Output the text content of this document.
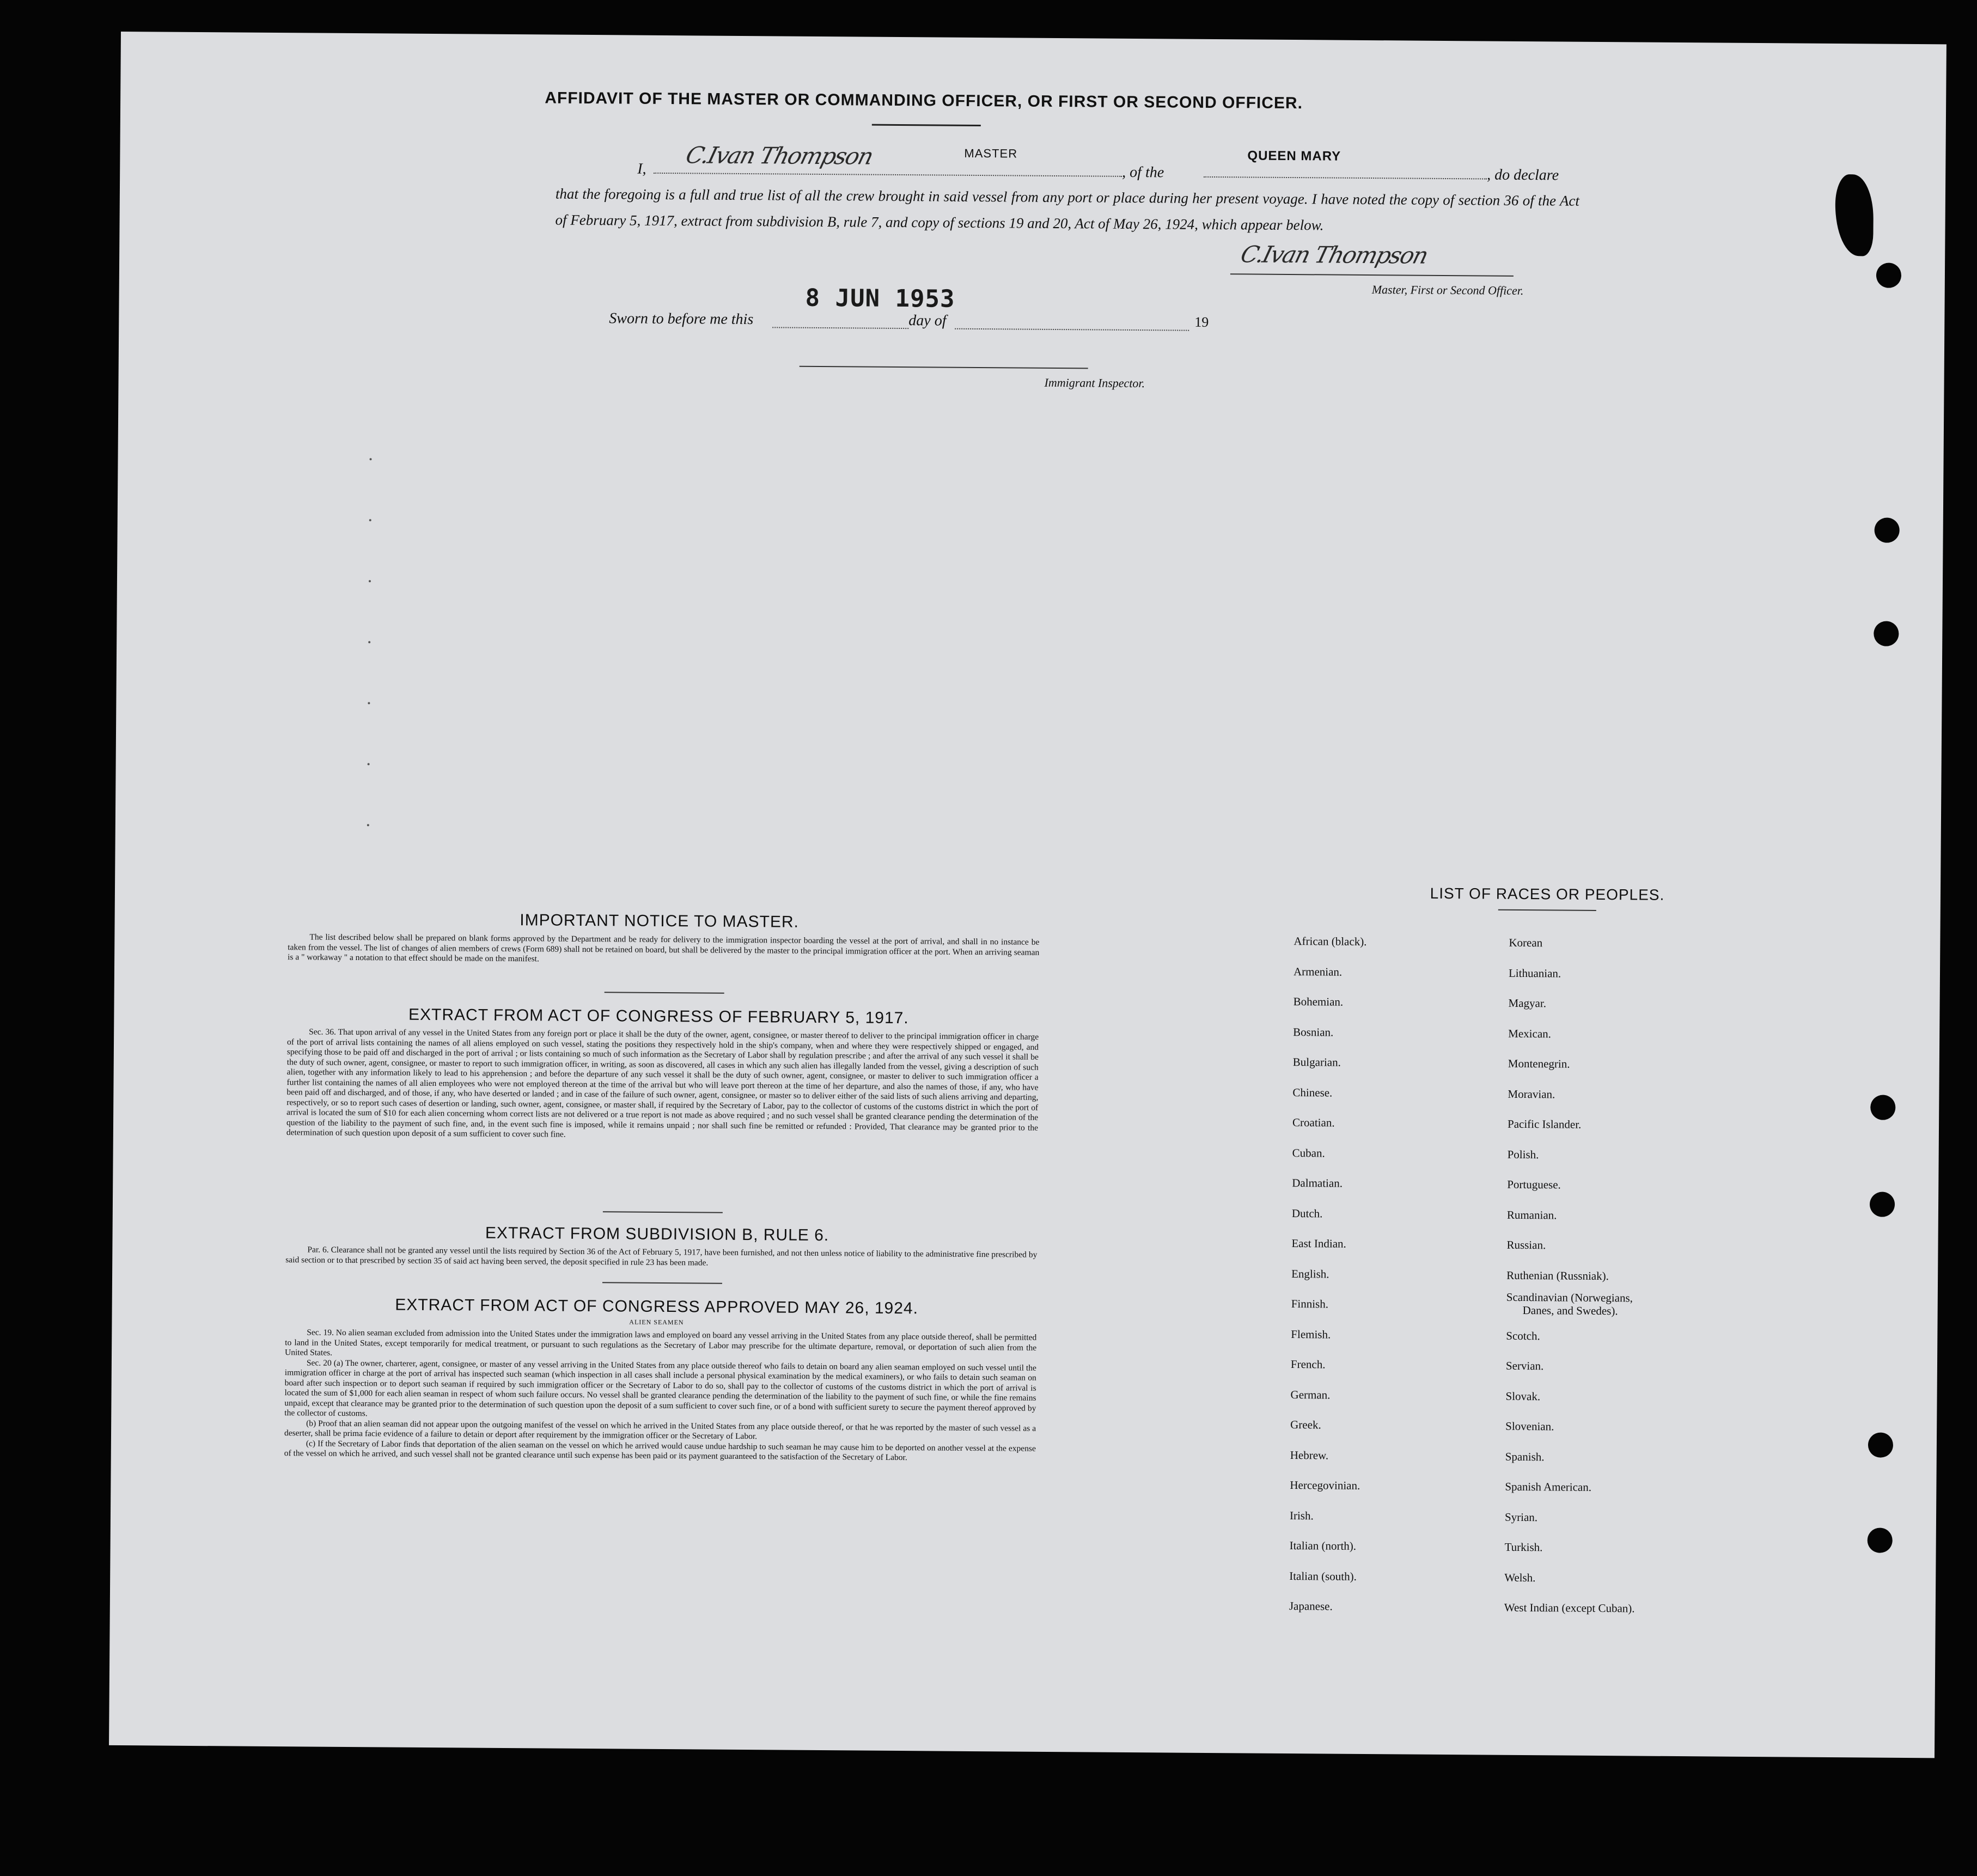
AFFIDAVIT OF THE MASTER OR COMMANDING OFFICER, OR FIRST OR SECOND OFFICER.
I, C.Ivan Thompson	MASTER
, of the
QUEEN MARY
, do declare
that the foregoing is a full and true list of all the crew brought in said vessel from any port or place during her present voyage. I have noted the copy of section 36 of the Act of February 5, 1917, extract from subdivision B, rule 7, and copy of sections 19 and 20, Act of May 26, 1924, which appear below.
C.Ivan Thompson
Master, First or Second Officer.
Sworn to before me this
8 JUN 1953
day of	19
Immigrant Inspector.
IMPORTANT NOTICE TO MASTER.
The list described below shall be prepared on blank forms approved by the Department and be ready for delivery to the immigration inspector boarding the vessel at the port of arrival, and shall in no instance be taken from the vessel. The list of changes of alien members of crews (Form 689) shall not be retained on board, but shall be delivered by the master to the principal immigration officer at the port. When an arriving seaman is a " workaway " a notation to that effect should be made on the manifest.
EXTRACT FROM ACT OF CONGRESS OF FEBRUARY 5, 1917.
Sec. 36. That upon arrival of any vessel in the United States from any foreign port or place it shall be the duty of the owner, agent, consignee, or master thereof to deliver to the principal immigration officer in charge of the port of arrival lists containing the names of all aliens employed on such vessel, stating the positions they respectively hold in the ship's company, when and where they were respectively shipped or engaged, and specifying those to be paid off and discharged in the port of arrival ; or lists containing so much of such information as the Secretary of Labor shall by regulation prescribe ; and after the arrival of any such vessel it shall be the duty of such owner, agent, consignee, or master to report to such immigration officer, in writing, as soon as discovered, all cases in which any such alien has illegally landed from the vessel, giving a description of such alien, together with any information likely to lead to his apprehension ; and before the departure of any such vessel it shall be the duty of such owner, agent, consignee, or master to deliver to such immigration officer a further list containing the names of all alien employees who were not employed thereon at the time of the arrival but who will leave port thereon at the time of her departure, and also the names of those, if any, who have been paid off and discharged, and of those, if any, who have deserted or landed ; and in case of the failure of such owner, agent, consignee, or master so to deliver either of the said lists of such aliens arriving and departing, respectively, or so to report such cases of desertion or landing, such owner, agent, consignee, or master shall, if required by the Secretary of Labor, pay to the collector of customs of the customs district in which the port of arrival is located the sum of $10 for each alien concerning whom correct lists are not delivered or a true report is not made as above required ; and no such vessel shall be granted clearance pending the determination of the question of the liability to the payment of such fine, and, in the event such fine is imposed, while it remains unpaid ; nor shall such fine be remitted or refunded : Provided, That clearance may be granted prior to the determination of such question upon deposit of a sum sufficient to cover such fine.
EXTRACT FROM SUBDIVISION B, RULE 6.
Par. 6. Clearance shall not be granted any vessel until the lists required by Section 36 of the Act of February 5, 1917, have been furnished, and not then unless notice of liability to the administrative fine prescribed by said section or to that prescribed by section 35 of said act having been served, the deposit specified in rule 23 has been made.
EXTRACT FROM ACT OF CONGRESS APPROVED MAY 26, 1924.
ALIEN SEAMEN
Sec. 19. No alien seaman excluded from admission into the United States under the immigration laws and employed on board any vessel arriving in the United States from any place outside thereof, shall be permitted to land in the United States, except temporarily for medical treatment, or pursuant to such regulations as the Secretary of Labor may prescribe for the ultimate departure, removal, or deportation of such alien from the United States.
Sec. 20 (a) The owner, charterer, agent, consignee, or master of any vessel arriving in the United States from any place outside thereof who fails to detain on board any alien seaman employed on such vessel until the immigration officer in charge at the port of arrival has inspected such seaman (which inspection in all cases shall include a personal physical examination by the medical examiners), or who fails to detain such seaman on board after such inspection or to deport such seaman if required by such immigration officer or the Secretary of Labor to do so, shall pay to the collector of customs of the customs district in which the port of arrival is located the sum of $1,000 for each alien seaman in respect of whom such failure occurs. No vessel shall be granted clearance pending the determination of the liability to the payment of such fine, or while the fine remains unpaid, except that clearance may be granted prior to the determination of such question upon the deposit of a sum sufficient to cover such fine, or of a bond with sufficient surety to secure the payment thereof approved by the collector of customs.
(b) Proof that an alien seaman did not appear upon the outgoing manifest of the vessel on which he arrived in the United States from any place outside thereof, or that he was reported by the master of such vessel as a deserter, shall be prima facie evidence of a failure to detain or deport after requirement by the immigration officer or the Secretary of Labor.
(c) If the Secretary of Labor finds that deportation of the alien seaman on the vessel on which he arrived would cause undue hardship to such seaman he may cause him to be deported on another vessel at the expense of the vessel on which he arrived, and such vessel shall not be granted clearance until such expense has been paid or its payment guaranteed to the satisfaction of the Secretary of Labor.
LIST OF RACES OR PEOPLES.
African (black).
Armenian.
Bohemian.
Bosnian.
Bulgarian.
Chinese.
Croatian.
Cuban.
Dalmatian.
Dutch.
East Indian.
English.
Finnish.
Flemish.
French.
German.
Greek.
Hebrew.
Hercegovinian.
Irish.
Italian (north).
Italian (south).
Japanese.
Korean
Lithuanian.
Magyar.
Mexican.
Montenegrin.
Moravian.
Pacific Islander.
Polish.
Portuguese.
Rumanian.
Russian.
Ruthenian (Russniak).
Scandinavian (Norwegians,
Danes, and Swedes).
Scotch.
Servian.
Slovak.
Slovenian.
Spanish.
Spanish American.
Syrian.
Turkish.
Welsh.
West Indian (except Cuban).
